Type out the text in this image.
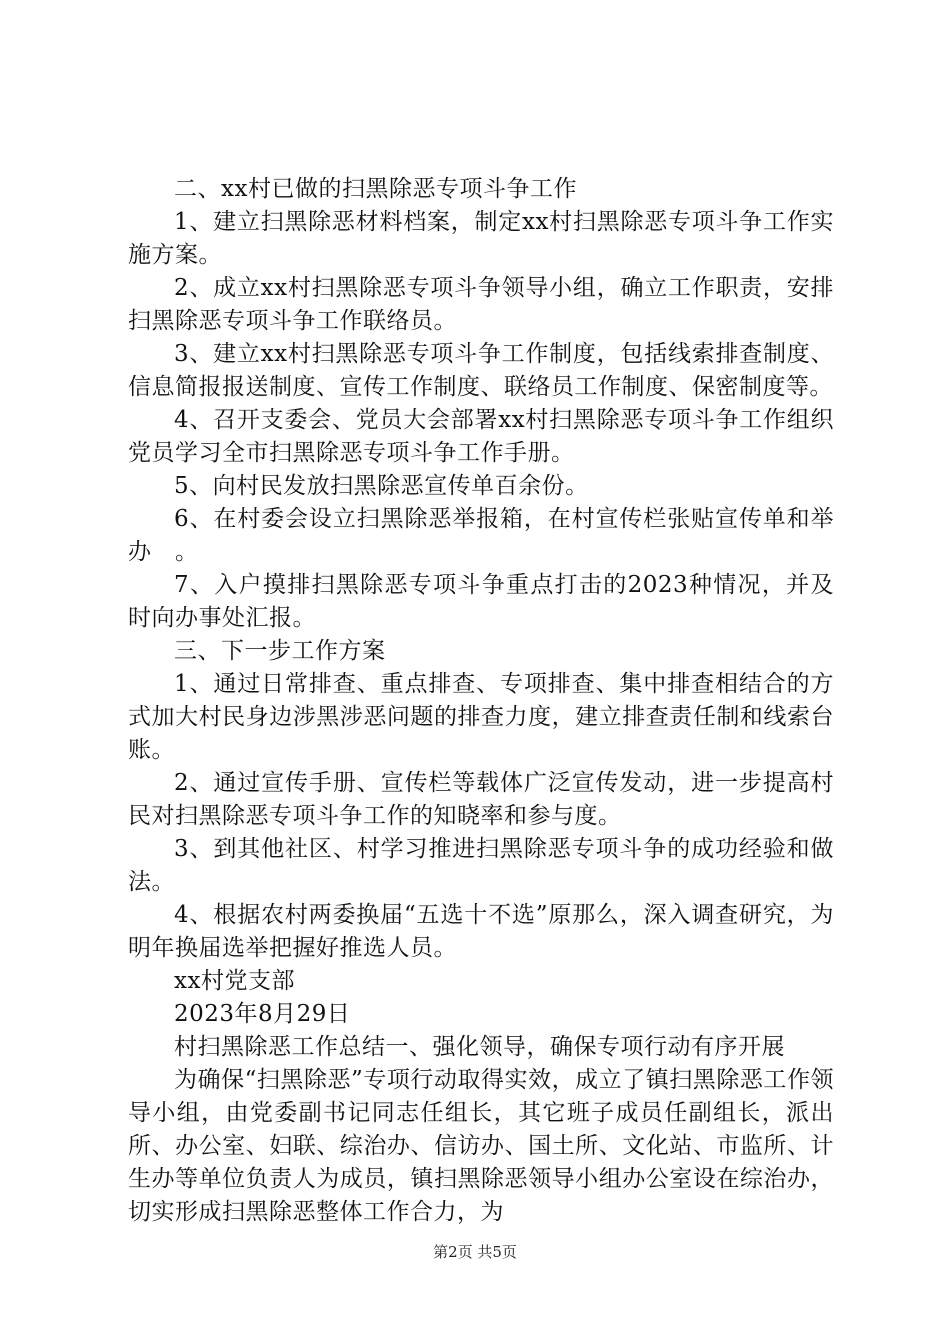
二、xx村已做的扫黑除恶专项斗争工作

1、建立扫黑除恶材料档案，制定xx村扫黑除恶专项斗争工作实施方案。

2、成立xx村扫黑除恶专项斗争领导小组，确立工作职责，安排扫黑除恶专项斗争工作联络员。

3、建立xx村扫黑除恶专项斗争工作制度，包括线索排查制度、信息简报报送制度、宣传工作制度、联络员工作制度、保密制度等。

4、召开支委会、党员大会部署xx村扫黑除恶专项斗争工作组织党员学习全市扫黑除恶专项斗争工作手册。

5、向村民发放扫黑除恶宣传单百余份。

6、在村委会设立扫黑除恶举报箱，在村宣传栏张贴宣传单和举办　。

7、入户摸排扫黑除恶专项斗争重点打击的2023种情况，并及时向办事处汇报。

三、下一步工作方案

1、通过日常排查、重点排查、专项排查、集中排查相结合的方式加大村民身边涉黑涉恶问题的排查力度，建立排查责任制和线索台账。

2、通过宣传手册、宣传栏等载体广泛宣传发动，进一步提高村民对扫黑除恶专项斗争工作的知晓率和参与度。

3、到其他社区、村学习推进扫黑除恶专项斗争的成功经验和做法。

4、根据农村两委换届“五选十不选”原那么，深入调查研究，为明年换届选举把握好推选人员。

xx村党支部

2023年8月29日

村扫黑除恶工作总结一、强化领导，确保专项行动有序开展

为确保“扫黑除恶”专项行动取得实效，成立了镇扫黑除恶工作领导小组，由党委副书记同志任组长，其它班子成员任副组长，派出所、办公室、妇联、综治办、信访办、国土所、文化站、市监所、计生办等单位负责人为成员，镇扫黑除恶领导小组办公室设在综治办，切实形成扫黑除恶整体工作合力，为

第2页 共5页
